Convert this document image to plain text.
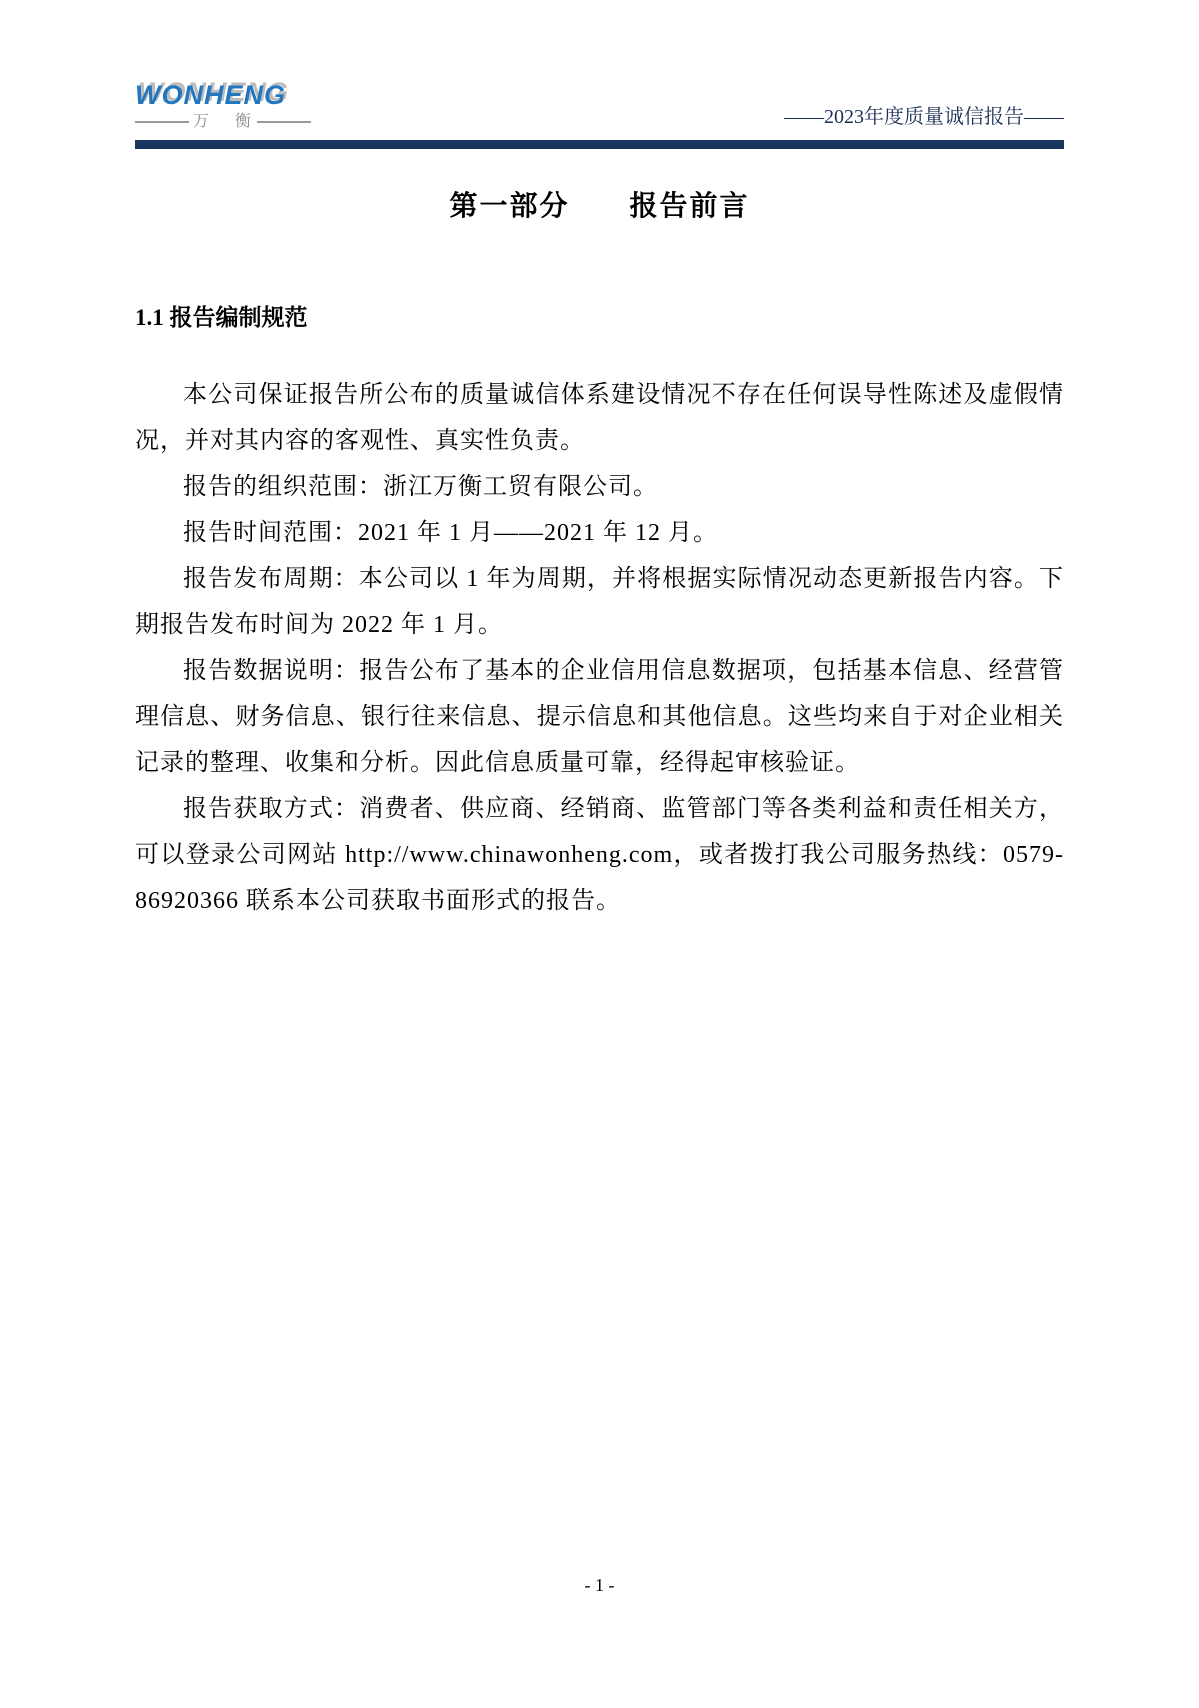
WONHENG
万 衡	——2023年度质量诚信报告——
第一部分　　报告前言
1.1 报告编制规范

本公司保证报告所公布的质量诚信体系建设情况不存在任何误导性陈述及虚假情况，并对其内容的客观性、真实性负责。

报告的组织范围：浙江万衡工贸有限公司。

报告时间范围：2021 年 1 月——2021 年 12 月。

报告发布周期：本公司以 1 年为周期，并将根据实际情况动态更新报告内容。下期报告发布时间为 2022 年 1 月。

报告数据说明：报告公布了基本的企业信用信息数据项，包括基本信息、经营管理信息、财务信息、银行往来信息、提示信息和其他信息。这些均来自于对企业相关记录的整理、收集和分析。因此信息质量可靠，经得起审核验证。

报告获取方式：消费者、供应商、经销商、监管部门等各类利益和责任相关方，可以登录公司网站 http://www.chinawonheng.com，或者拨打我公司服务热线：0579-86920366 联系本公司获取书面形式的报告。

- 1 -
